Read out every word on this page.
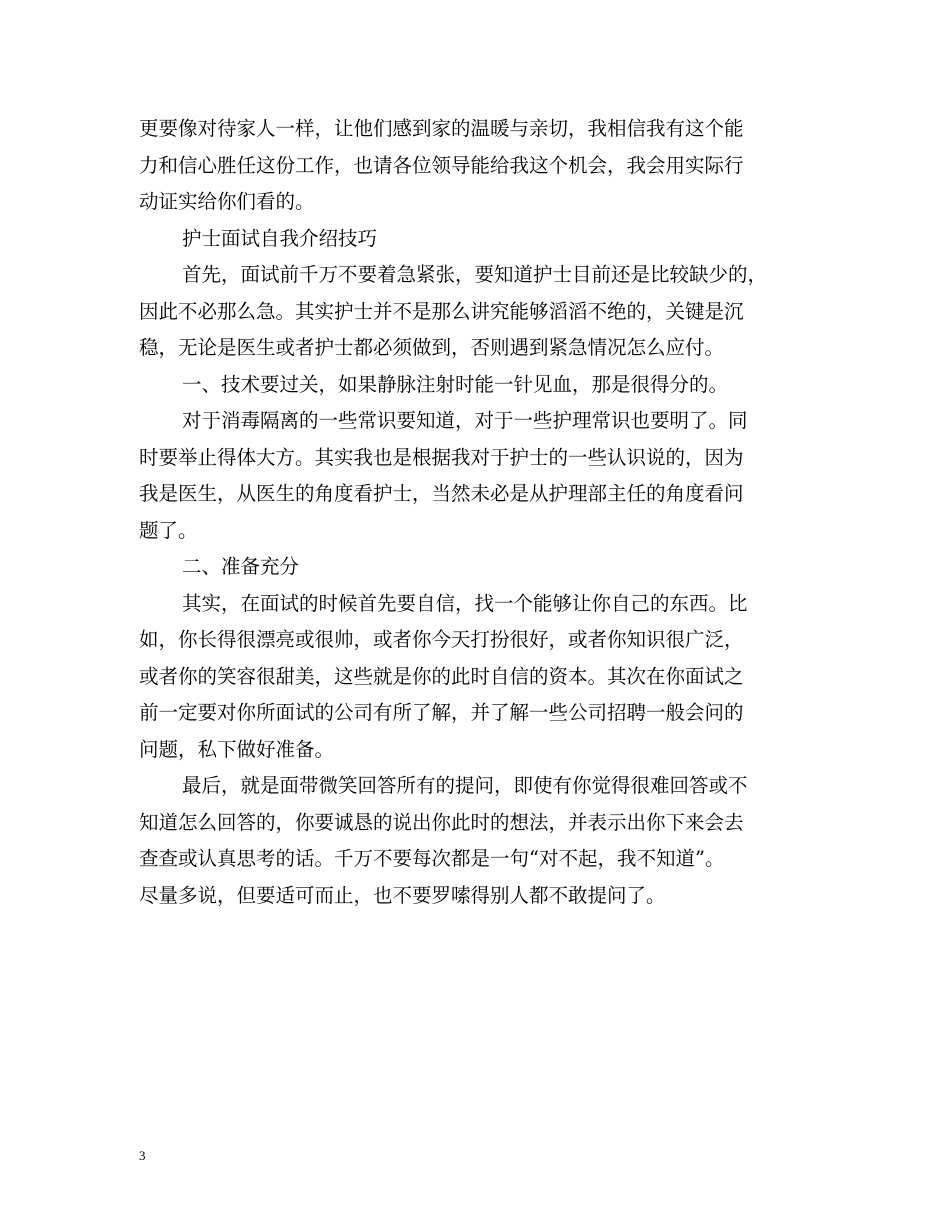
更要像对待家人一样，让他们感到家的温暖与亲切，我相信我有这个能
力和信心胜任这份工作，也请各位领导能给我这个机会，我会用实际行
动证实给你们看的。
护士面试自我介绍技巧
首先，面试前千万不要着急紧张，要知道护士目前还是比较缺少的，
因此不必那么急。其实护士并不是那么讲究能够滔滔不绝的，关键是沉
稳，无论是医生或者护士都必须做到，否则遇到紧急情况怎么应付。
一、技术要过关，如果静脉注射时能一针见血，那是很得分的。
对于消毒隔离的一些常识要知道，对于一些护理常识也要明了。同
时要举止得体大方。其实我也是根据我对于护士的一些认识说的，因为
我是医生，从医生的角度看护士，当然未必是从护理部主任的角度看问
题了。
二、准备充分
其实，在面试的时候首先要自信，找一个能够让你自己的东西。比
如，你长得很漂亮或很帅，或者你今天打扮很好，或者你知识很广泛，
或者你的笑容很甜美，这些就是你的此时自信的资本。其次在你面试之
前一定要对你所面试的公司有所了解，并了解一些公司招聘一般会问的
问题，私下做好准备。
最后，就是面带微笑回答所有的提问，即使有你觉得很难回答或不
知道怎么回答的，你要诚恳的说出你此时的想法，并表示出你下来会去
查查或认真思考的话。千万不要每次都是一句“对不起，我不知道”。
尽量多说，但要适可而止，也不要罗嗦得别人都不敢提问了。
3
